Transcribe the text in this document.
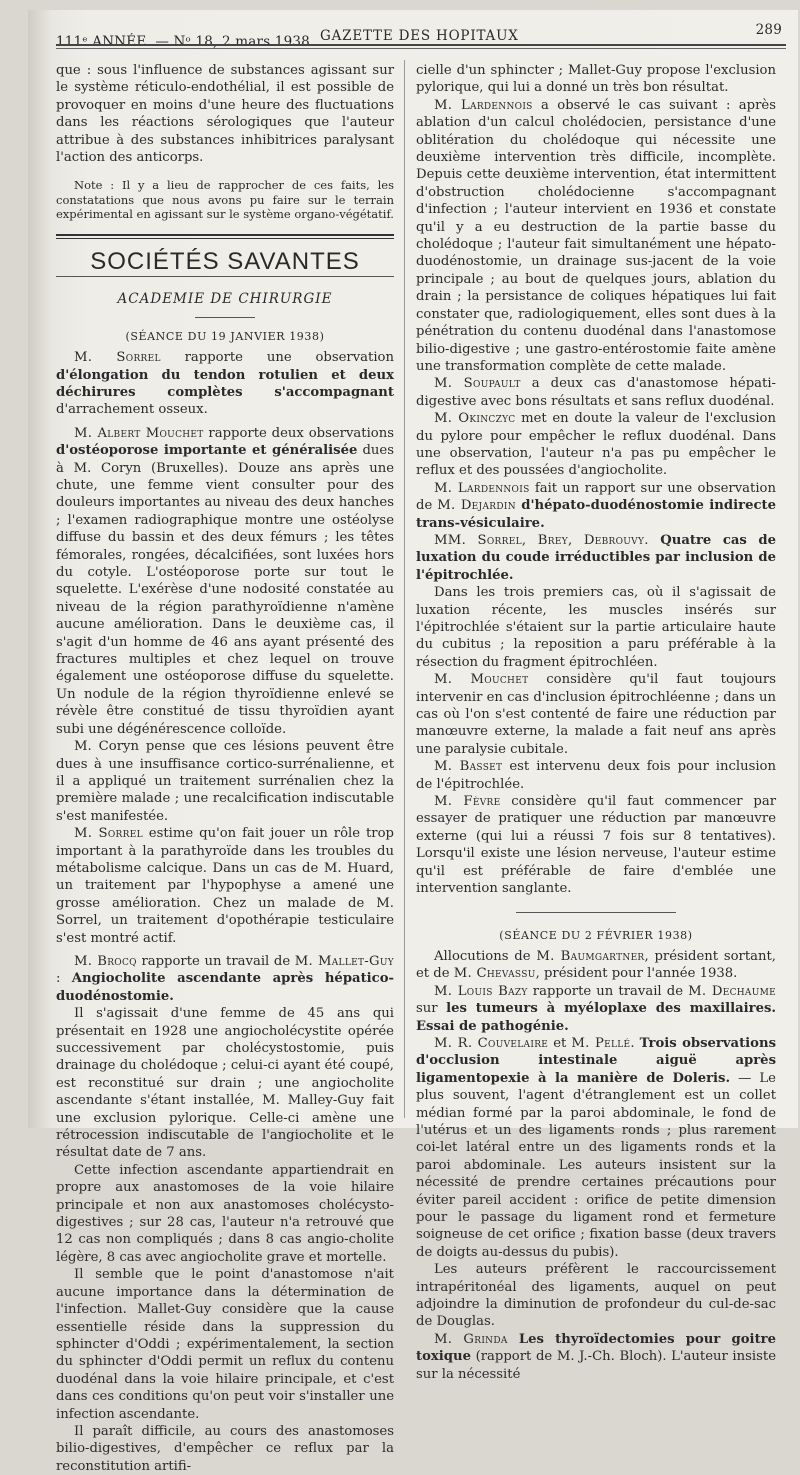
111ᵉ ANNÉE. — Nᵒ 18, 2 mars 1938. GAZETTE DES HOPITAUX	289

que : sous l'influence de substances agissant sur le système réticulo-endothélial, il est possible de provoquer en moins d'une heure des fluctuations dans les réactions sérologiques que l'auteur attribue à des substances inhibitrices paralysant l'action des anticorps.

Note : Il y a lieu de rapprocher de ces faits, les constatations que nous avons pu faire sur le terrain expérimental en agissant sur le système organo-végétatif.

SOCIÉTÉS SAVANTES

ACADEMIE DE CHIRURGIE

(SÉANCE DU 19 JANVIER 1938)

M. Sorrel rapporte une observation d'élongation du tendon rotulien et deux déchirures complètes s'accompagnant d'arrachement osseux.

M. Albert Mouchet rapporte deux observations d'ostéoporose importante et généralisée dues à M. Coryn (Bruxelles). Douze ans après une chute, une femme vient consulter pour des douleurs importantes au niveau des deux hanches ; l'examen radiographique montre une ostéolyse diffuse du bassin et des deux fémurs ; les têtes fémorales, rongées, décalcifiées, sont luxées hors du cotyle. L'ostéoporose porte sur tout le squelette. L'exérèse d'une nodosité constatée au niveau de la région parathyroïdienne n'amène aucune amélioration. Dans le deuxième cas, il s'agit d'un homme de 46 ans ayant présenté des fractures multiples et chez lequel on trouve également une ostéoporose diffuse du squelette. Un nodule de la région thyroïdienne enlevé se révèle être constitué de tissu thyroïdien ayant subi une dégénérescence colloïde.

M. Coryn pense que ces lésions peuvent être dues à une insuffisance cortico-surrénalienne, et il a appliqué un traitement surrénalien chez la première malade ; une recalcification indiscutable s'est manifestée.

M. Sorrel estime qu'on fait jouer un rôle trop important à la parathyroïde dans les troubles du métabolisme calcique. Dans un cas de M. Huard, un traitement par l'hypophyse a amené une grosse amélioration. Chez un malade de M. Sorrel, un traitement d'opothérapie testiculaire s'est montré actif.

M. Brocq rapporte un travail de M. Mallet-Guy : Angiocholite ascendante après hépatico-duodénostomie.

Il s'agissait d'une femme de 45 ans qui présentait en 1928 une angiocholécystite opérée successivement par cholécystostomie, puis drainage du cholédoque ; celui-ci ayant été coupé, est reconstitué sur drain ; une angiocholite ascendante s'étant installée, M. Malley-Guy fait une exclusion pylorique. Celle-ci amène une rétrocession indiscutable de l'angiocholite et le résultat date de 7 ans.

Cette infection ascendante appartiendrait en propre aux anastomoses de la voie hilaire principale et non aux anastomoses cholécysto-digestives ; sur 28 cas, l'auteur n'a retrouvé que 12 cas non compliqués ; dans 8 cas angio-cholite légère, 8 cas avec angiocholite grave et mortelle.

Il semble que le point d'anastomose n'ait aucune importance dans la détermination de l'infection. Mallet-Guy considère que la cause essentielle réside dans la suppression du sphincter d'Oddi ; expérimentalement, la section du sphincter d'Oddi permit un reflux du contenu duodénal dans la voie hilaire principale, et c'est dans ces conditions qu'on peut voir s'installer une infection ascendante.

Il paraît difficile, au cours des anastomoses bilio-digestives, d'empêcher ce reflux par la reconstitution artifi-

cielle d'un sphincter ; Mallet-Guy propose l'exclusion pylorique, qui lui a donné un très bon résultat.

M. Lardennois a observé le cas suivant : après ablation d'un calcul cholédocien, persistance d'une oblitération du cholédoque qui nécessite une deuxième intervention très difficile, incomplète. Depuis cette deuxième intervention, état intermittent d'obstruction cholédocienne s'accompagnant d'infection ; l'auteur intervient en 1936 et constate qu'il y a eu destruction de la partie basse du cholédoque ; l'auteur fait simultanément une hépato-duodénostomie, un drainage sus-jacent de la voie principale ; au bout de quelques jours, ablation du drain ; la persistance de coliques hépatiques lui fait constater que, radiologiquement, elles sont dues à la pénétration du contenu duodénal dans l'anastomose bilio-digestive ; une gastro-entérostomie faite amène une transformation complète de cette malade.

M. Soupault a deux cas d'anastomose hépati-digestive avec bons résultats et sans reflux duodénal.

M. Okinczyc met en doute la valeur de l'exclusion du pylore pour empêcher le reflux duodénal. Dans une observation, l'auteur n'a pas pu empêcher le reflux et des poussées d'angiocholite.

M. Lardennois fait un rapport sur une observation de M. Dejardin d'hépato-duodénostomie indirecte trans-vésiculaire.

MM. Sorrel, Brey, Debrouvy. Quatre cas de luxation du coude irréductibles par inclusion de l'épitrochlée.

Dans les trois premiers cas, où il s'agissait de luxation récente, les muscles insérés sur l'épitrochlée s'étaient sur la partie articulaire haute du cubitus ; la reposition a paru préférable à la résection du fragment épitrochléen.

M. Mouchet considère qu'il faut toujours intervenir en cas d'inclusion épitrochléenne ; dans un cas où l'on s'est contenté de faire une réduction par manœuvre externe, la malade a fait neuf ans après une paralysie cubitale.

M. Basset est intervenu deux fois pour inclusion de l'épitrochlée.

M. Fèvre considère qu'il faut commencer par essayer de pratiquer une réduction par manœuvre externe (qui lui a réussi 7 fois sur 8 tentatives). Lorsqu'il existe une lésion nerveuse, l'auteur estime qu'il est préférable de faire d'emblée une intervention sanglante.

(SÉANCE DU 2 FÉVRIER 1938)

Allocutions de M. Baumgartner, président sortant, et de M. Chevassu, président pour l'année 1938.

M. Louis Bazy rapporte un travail de M. Dechaume sur les tumeurs à myéloplaxe des maxillaires. Essai de pathogénie.

M. R. Couvelaire et M. Pellé. Trois observations d'occlusion intestinale aiguë après ligamentopexie à la manière de Doleris. — Le plus souvent, l'agent d'étranglement est un collet médian formé par la paroi abdominale, le fond de l'utérus et un des ligaments ronds ; plus rarement coi-let latéral entre un des ligaments ronds et la paroi abdominale. Les auteurs insistent sur la nécessité de prendre certaines précautions pour éviter pareil accident : orifice de petite dimension pour le passage du ligament rond et fermeture soigneuse de cet orifice ; fixation basse (deux travers de doigts au-dessus du pubis).

Les auteurs préfèrent le raccourcissement intrapéritonéal des ligaments, auquel on peut adjoindre la diminution de profondeur du cul-de-sac de Douglas.

M. Grinda Les thyroïdectomies pour goitre toxique (rapport de M. J.-Ch. Bloch). L'auteur insiste sur la nécessité
